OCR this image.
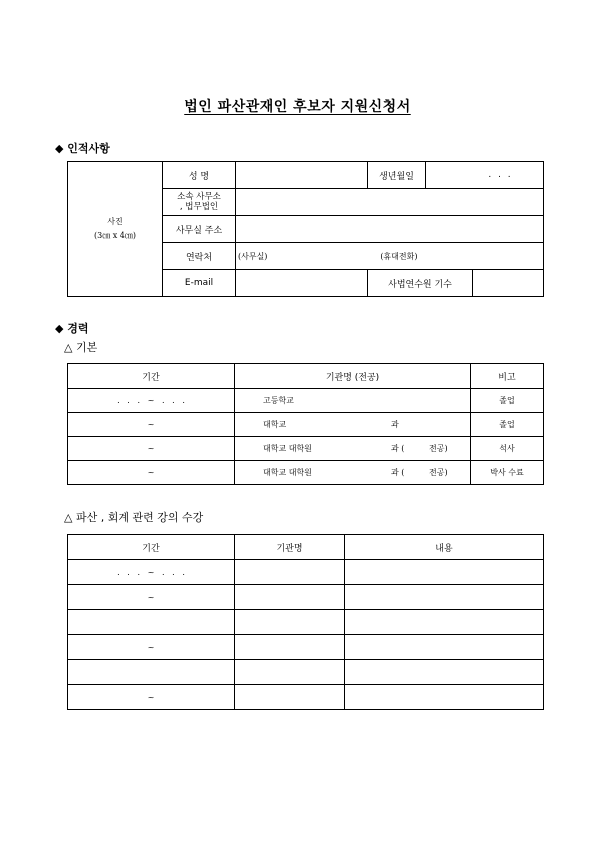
법인 파산관재인 후보자 지원신청서
◆ 인적사항
사진
(3㎝ x 4㎝)	성 명		생년월일	. . .	

	소속 사무소
, 법무법인				

	사무실 주소				
	연락처	(사무실) (휴대전화)			
	E-mail		사법연수원 기수		
◆ 경력
△ 기본
기간	기관명 (전공)	비고
.   .   .   ~   .   .   .	고등학교	졸업
~	대학교 과	졸업
~	대학교 대학원 과 ( 전공)	석사
~	대학교 대학원 과 ( 전공)	박사 수료
△ 파산 , 회계 관련 강의 수강
기간	기관명	내용
.   .   .   ~   .   .   .		
~		

~		

~		
